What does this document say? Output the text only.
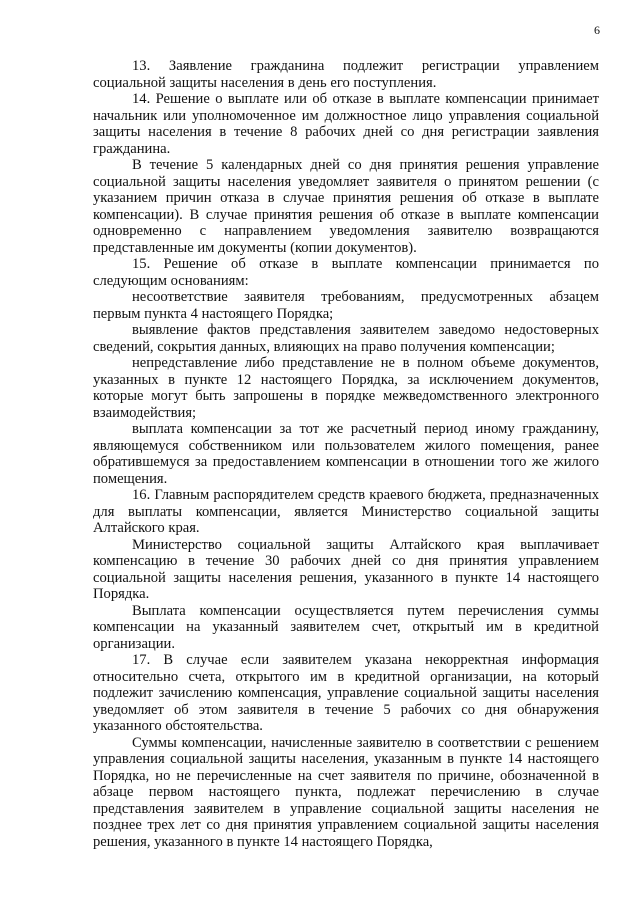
6

13. Заявление гражданина подлежит регистрации управлением социальной защиты населения в день его поступления.

14. Решение о выплате или об отказе в выплате компенсации принимает начальник или уполномоченное им должностное лицо управления социальной защиты населения в течение 8 рабочих дней со дня регистрации заявления гражданина.

В течение 5 календарных дней со дня принятия решения управление социальной защиты населения уведомляет заявителя о принятом решении (с указанием причин отказа в случае принятия решения об отказе в выплате компенсации). В случае принятия решения об отказе в выплате компенсации одновременно с направлением уведомления заявителю возвращаются представленные им документы (копии документов).

15. Решение об отказе в выплате компенсации принимается по следующим основаниям:

несоответствие заявителя требованиям, предусмотренных абзацем первым пункта 4 настоящего Порядка;

выявление фактов представления заявителем заведомо недостоверных сведений, сокрытия данных, влияющих на право получения компенсации;

непредставление либо представление не в полном объеме документов, указанных в пункте 12 настоящего Порядка, за исключением документов, которые могут быть запрошены в порядке межведомственного электронного взаимодействия;

выплата компенсации за тот же расчетный период иному гражданину, являющемуся собственником или пользователем жилого помещения, ранее обратившемуся за предоставлением компенсации в отношении того же жилого помещения.

16. Главным распорядителем средств краевого бюджета, предназначенных для выплаты компенсации, является Министерство социальной защиты Алтайского края.

Министерство социальной защиты Алтайского края выплачивает компенсацию в течение 30 рабочих дней со дня принятия управлением социальной защиты населения решения, указанного в пункте 14 настоящего Порядка.

Выплата компенсации осуществляется путем перечисления суммы компенсации на указанный заявителем счет, открытый им в кредитной организации.

17. В случае если заявителем указана некорректная информация относительно счета, открытого им в кредитной организации, на который подлежит зачислению компенсация, управление социальной защиты населения уведомляет об этом заявителя в течение 5 рабочих со дня обнаружения указанного обстоятельства.

Суммы компенсации, начисленные заявителю в соответствии с решением управления социальной защиты населения, указанным в пункте 14 настоящего Порядка, но не перечисленные на счет заявителя по причине, обозначенной в абзаце первом настоящего пункта, подлежат перечислению в случае представления заявителем в управление социальной защиты населения не позднее трех лет со дня принятия управлением социальной защиты населения решения, указанного в пункте 14 настоящего Порядка,
